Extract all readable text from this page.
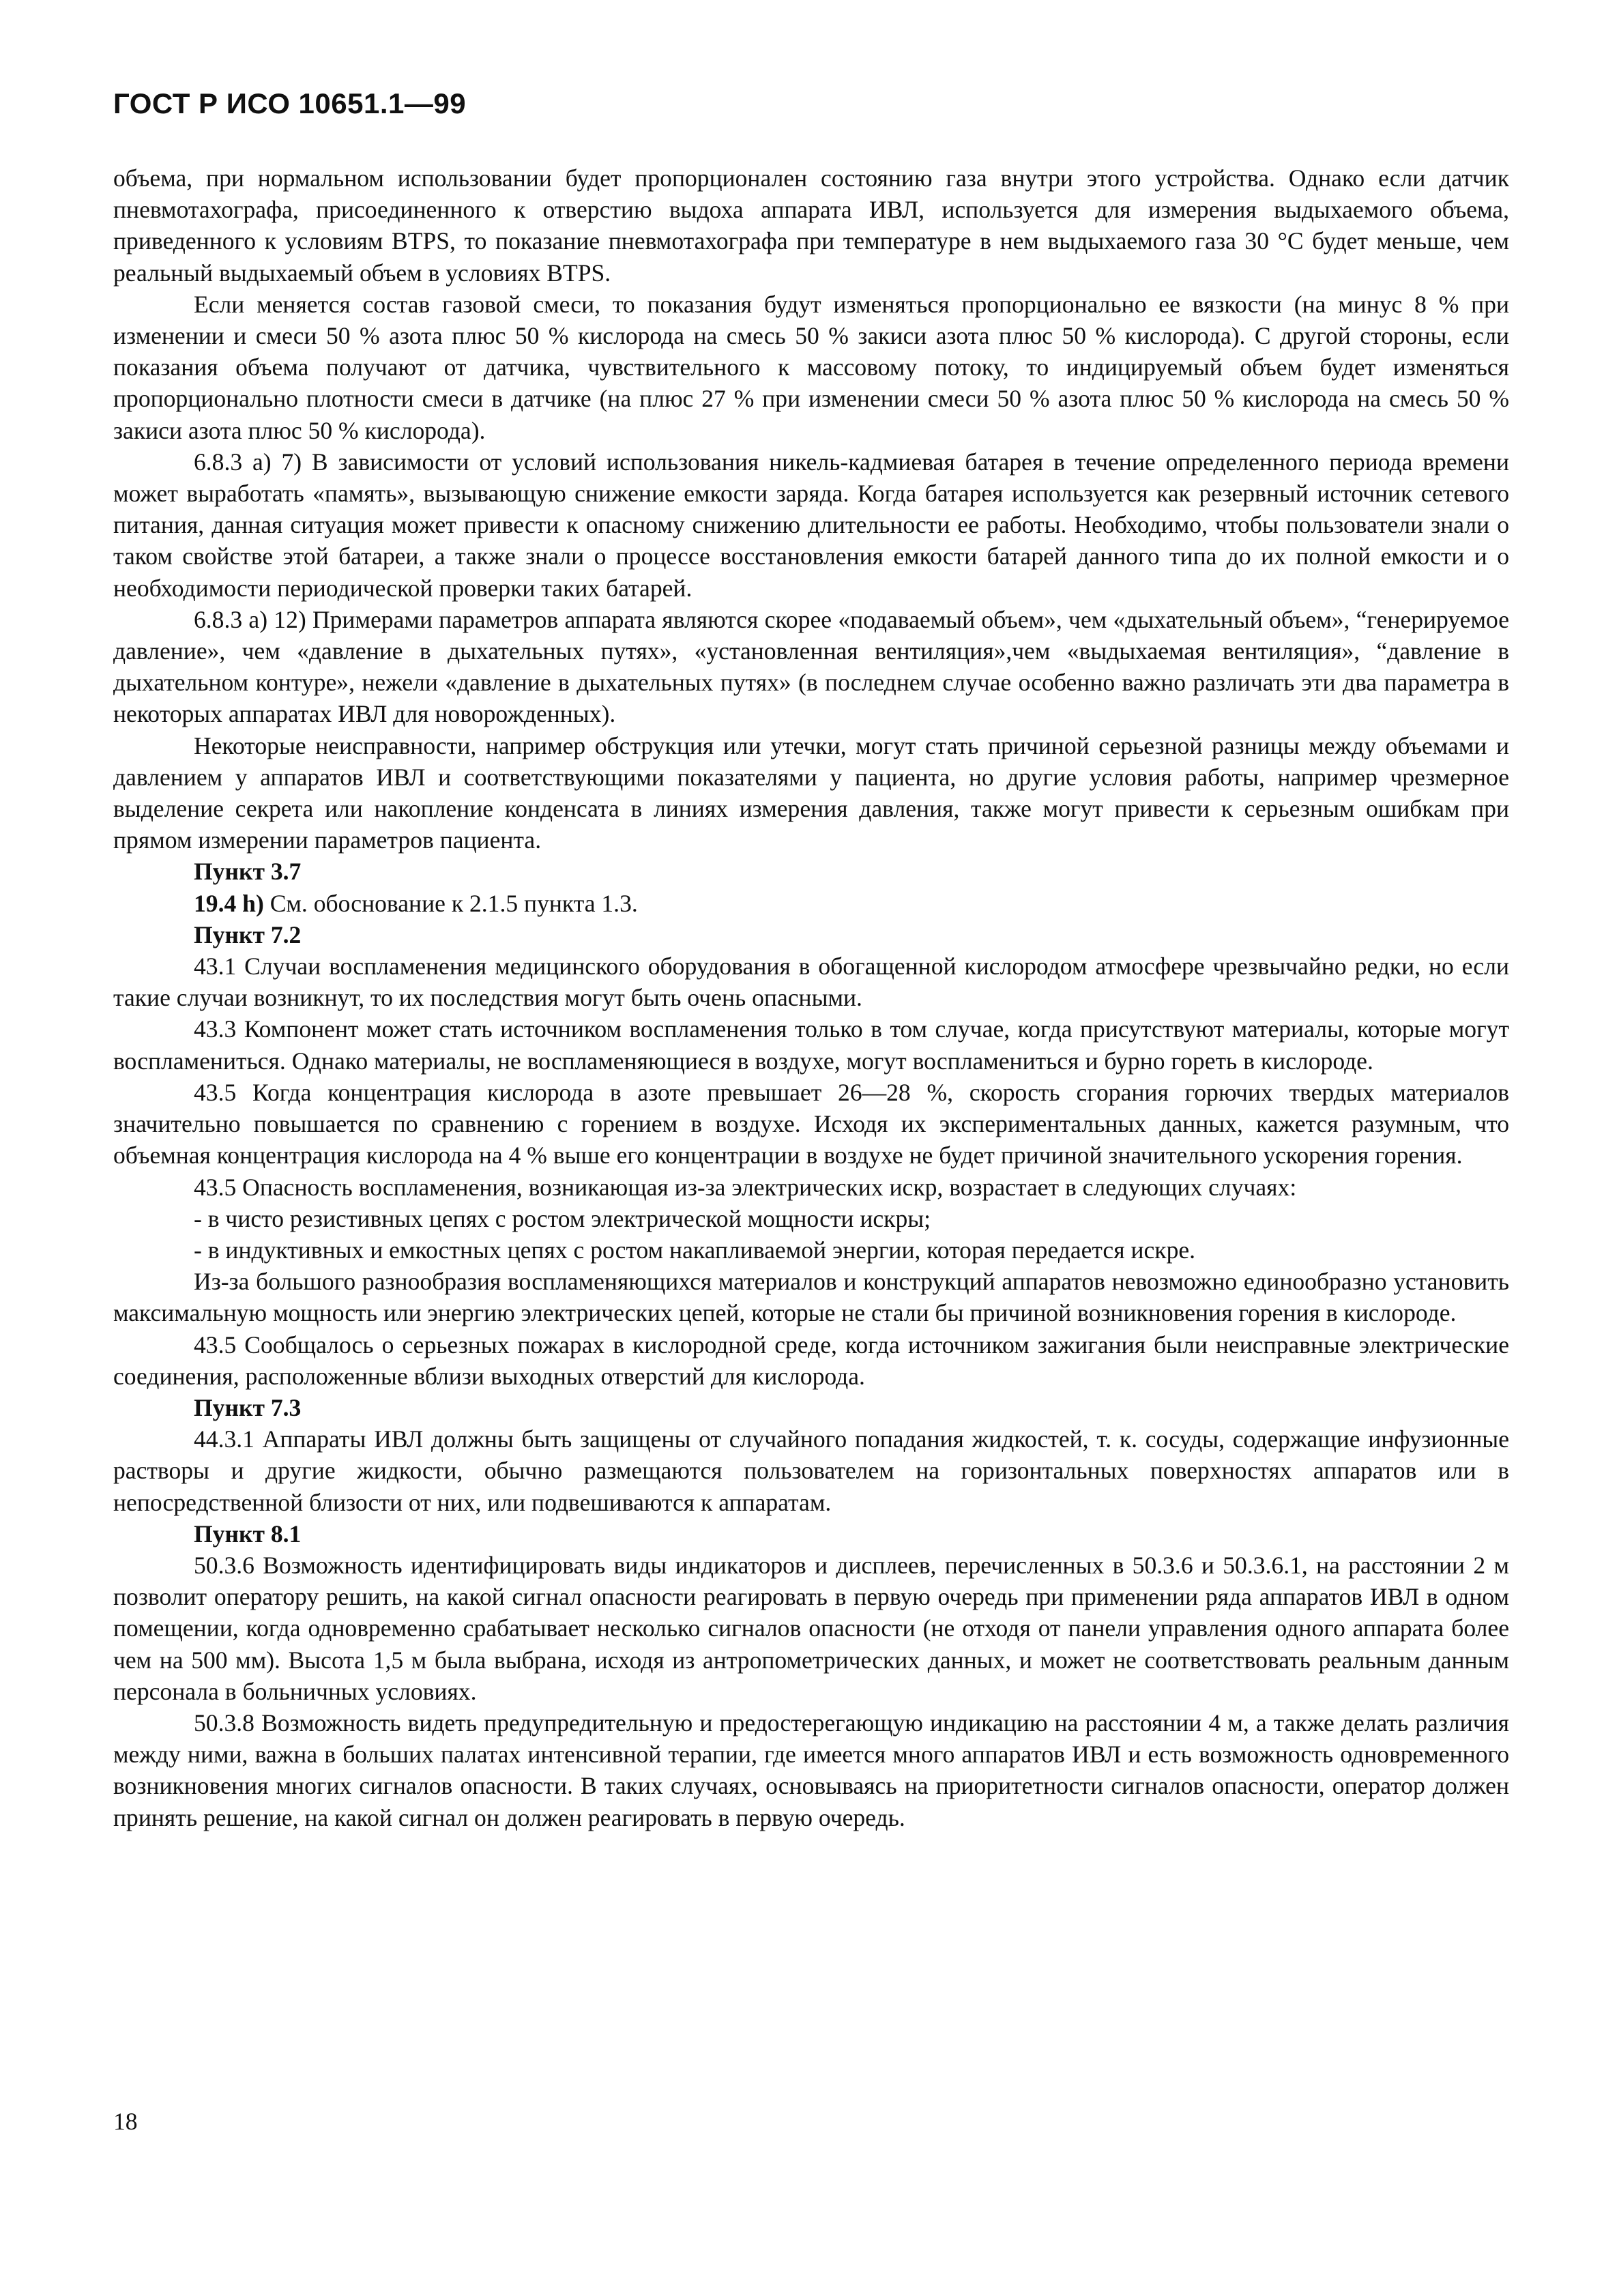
ГОСТ Р ИСО 10651.1—99

объема, при нормальном использовании будет пропорционален состоянию газа внутри этого устройства. Однако если датчик пневмотахографа, присоединенного к отверстию выдоха аппарата ИВЛ, используется для измерения выдыхаемого объема, приведенного к условиям BTPS, то показание пневмотахографа при температуре в нем выдыхаемого газа 30 °С будет меньше, чем реальный выдыхаемый объем в условиях BTPS.

Если меняется состав газовой смеси, то показания будут изменяться пропорционально ее вязкости (на минус 8 % при изменении и смеси 50 % азота плюс 50 % кислорода на смесь 50 % закиси азота плюс 50 % кислорода). С другой стороны, если показания объема получают от датчика, чувствительного к массовому потоку, то индицируемый объем будет изменяться пропорционально плотности смеси в датчике (на плюс 27 % при изменении смеси 50 % азота плюс 50 % кислорода на смесь 50 % закиси азота плюс 50 % кислорода).

6.8.3 а) 7) В зависимости от условий использования никель-кадмиевая батарея в течение определенного периода времени может выработать «память», вызывающую снижение емкости заряда. Когда батарея используется как резервный источник сетевого питания, данная ситуация может привести к опасному снижению длительности ее работы. Необходимо, чтобы пользователи знали о таком свойстве этой батареи, а также знали о процессе восстановления емкости батарей данного типа до их полной емкости и о необходимости периодической проверки таких батарей.

6.8.3 а) 12) Примерами параметров аппарата являются скорее «подаваемый объем», чем «дыхательный объем», “генерируемое давление», чем «давление в дыхательных путях», «установленная вентиляция»,чем «выдыхаемая вентиляция», “давление в дыхательном контуре», нежели «давление в дыхательных путях» (в последнем случае особенно важно различать эти два параметра в некоторых аппаратах ИВЛ для новорожденных).

Некоторые неисправности, например обструкция или утечки, могут стать причиной серьезной разницы между объемами и давлением у аппаратов ИВЛ и соответствующими показателями у пациента, но другие условия работы, например чрезмерное выделение секрета или накопление конденсата в линиях измерения давления, также могут привести к серьезным ошибкам при прямом измерении параметров пациента.

Пункт 3.7

19.4 h) См. обоснование к 2.1.5 пункта 1.3.

Пункт 7.2

43.1 Случаи воспламенения медицинского оборудования в обогащенной кислородом атмосфере чрезвычайно редки, но если такие случаи возникнут, то их последствия могут быть очень опасными.

43.3 Компонент может стать источником воспламенения только в том случае, когда присутствуют материалы, которые могут воспламениться. Однако материалы, не воспламеняющиеся в воздухе, могут воспламениться и бурно гореть в кислороде.

43.5 Когда концентрация кислорода в азоте превышает 26—28 %, скорость сгорания горючих твердых материалов значительно повышается по сравнению с горением в воздухе. Исходя их экспериментальных данных, кажется разумным, что объемная концентрация кислорода на 4 % выше его концентрации в воздухе не будет причиной значительного ускорения горения.

43.5 Опасность воспламенения, возникающая из-за электрических искр, возрастает в следующих случаях:

- в чисто резистивных цепях с ростом электрической мощности искры;
- в индуктивных и емкостных цепях с ростом накапливаемой энергии, которая передается искре.

Из-за большого разнообразия воспламеняющихся материалов и конструкций аппаратов невозможно единообразно установить максимальную мощность или энергию электрических цепей, которые не стали бы причиной возникновения горения в кислороде.

43.5 Сообщалось о серьезных пожарах в кислородной среде, когда источником зажигания были неисправные электрические соединения, расположенные вблизи выходных отверстий для кислорода.

Пункт 7.3

44.3.1 Аппараты ИВЛ должны быть защищены от случайного попадания жидкостей, т. к. сосуды, содержащие инфузионные растворы и другие жидкости, обычно размещаются пользователем на горизонтальных поверхностях аппаратов или в непосредственной близости от них, или подвешиваются к аппаратам.

Пункт 8.1

50.3.6 Возможность идентифицировать виды индикаторов и дисплеев, перечисленных в 50.3.6 и 50.3.6.1, на расстоянии 2 м позволит оператору решить, на какой сигнал опасности реагировать в первую очередь при применении ряда аппаратов ИВЛ в одном помещении, когда одновременно срабатывает несколько сигналов опасности (не отходя от панели управления одного аппарата более чем на 500 мм). Высота 1,5 м была выбрана, исходя из антропометрических данных, и может не соответствовать реальным данным персонала в больничных условиях.

50.3.8 Возможность видеть предупредительную и предостерегающую индикацию на расстоянии 4 м, а также делать различия между ними, важна в больших палатах интенсивной терапии, где имеется много аппаратов ИВЛ и есть возможность одновременного возникновения многих сигналов опасности. В таких случаях, основываясь на приоритетности сигналов опасности, оператор должен принять решение, на какой сигнал он должен реагировать в первую очередь.

18
